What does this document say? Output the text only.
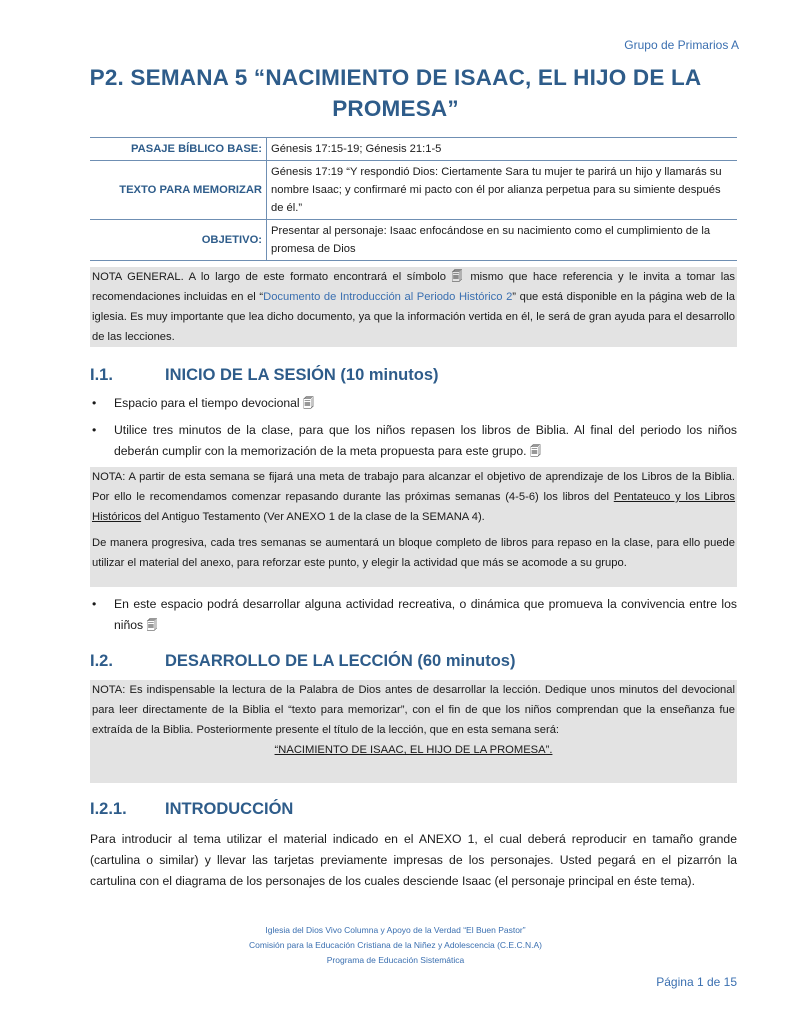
Grupo de Primarios A
P2. SEMANA 5 “NACIMIENTO DE ISAAC, EL HIJO DE LA
PROMESA”
PASAJE BÍBLICO BASE:	Génesis 17:15-19; Génesis 21:1-5
TEXTO PARA MEMORIZAR	Génesis 17:19 “Y respondió Dios: Ciertamente Sara tu mujer te parirá un hijo y llamarás su nombre Isaac; y confirmaré mi pacto con él por alianza perpetua para su simiente después de él.”
OBJETIVO:	Presentar al personaje: Isaac enfocándose en su nacimiento como el cumplimiento de la promesa de Dios
NOTA GENERAL. A lo largo de este formato encontrará el símbolo 🗐 mismo que hace referencia y le invita a tomar las recomendaciones incluidas en el “Documento de Introducción al Periodo Histórico 2” que está disponible en la página web de la iglesia. Es muy importante que lea dicho documento, ya que la información vertida en él, le será de gran ayuda para el desarrollo de las lecciones.
I.1.	INICIO DE LA SESIÓN (10 minutos)
• Espacio para el tiempo devocional 🗐
• Utilice tres minutos de la clase, para que los niños repasen los libros de Biblia. Al final del periodo los niños deberán cumplir con la memorización de la meta propuesta para este grupo. 🗐
NOTA: A partir de esta semana se fijará una meta de trabajo para alcanzar el objetivo de aprendizaje de los Libros de la Biblia. Por ello le recomendamos comenzar repasando durante las próximas semanas (4-5-6) los libros del Pentateuco y los Libros Históricos del Antiguo Testamento (Ver ANEXO 1 de la clase de la SEMANA 4).
De manera progresiva, cada tres semanas se aumentará un bloque completo de libros para repaso en la clase, para ello puede utilizar el material del anexo, para reforzar este punto, y elegir la actividad que más se acomode a su grupo.
• En este espacio podrá desarrollar alguna actividad recreativa, o dinámica que promueva la convivencia entre los niños 🗐
I.2.	DESARROLLO DE LA LECCIÓN (60 minutos)
NOTA: Es indispensable la lectura de la Palabra de Dios antes de desarrollar la lección. Dedique unos minutos del devocional para leer directamente de la Biblia el “texto para memorizar”, con el fin de que los niños comprendan que la enseñanza fue extraída de la Biblia. Posteriormente presente el título de la lección, que en esta semana será:
“NACIMIENTO DE ISAAC, EL HIJO DE LA PROMESA”.
I.2.1. INTRODUCCIÓN
Para introducir al tema utilizar el material indicado en el ANEXO 1, el cual deberá reproducir en tamaño grande (cartulina o similar) y llevar las tarjetas previamente impresas de los personajes. Usted pegará en el pizarrón la cartulina con el diagrama de los personajes de los cuales desciende Isaac (el personaje principal en éste tema).
Iglesia del Dios Vivo Columna y Apoyo de la Verdad “El Buen Pastor”
Comisión para la Educación Cristiana de la Niñez y Adolescencia (C.E.C.N.A)
Programa de Educación Sistemática
Página 1 de 15
